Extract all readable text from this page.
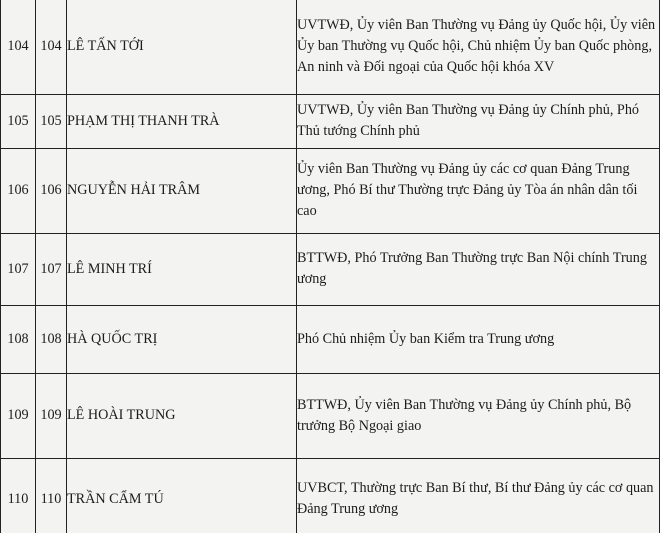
104	104	LÊ TẤN TỚI	UVTWĐ, Ủy viên Ban Thường vụ Đảng ủy Quốc hội, Ủy viên Ủy ban Thường vụ Quốc hội, Chủ nhiệm Ủy ban Quốc phòng, An ninh và Đối ngoại của Quốc hội khóa XV
105	105	PHẠM THỊ THANH TRÀ	UVTWĐ, Ủy viên Ban Thường vụ Đảng ủy Chính phủ, Phó Thủ tướng Chính phủ
106	106	NGUYỄN HẢI TRÂM	Ủy viên Ban Thường vụ Đảng ủy các cơ quan Đảng Trung ương, Phó Bí thư Thường trực Đảng ủy Tòa án nhân dân tối cao
107	107	LÊ MINH TRÍ	BTTWĐ, Phó Trưởng Ban Thường trực Ban Nội chính Trung ương
108	108	HÀ QUỐC TRỊ	Phó Chủ nhiệm Ủy ban Kiểm tra Trung ương
109	109	LÊ HOÀI TRUNG	BTTWĐ, Ủy viên Ban Thường vụ Đảng ủy Chính phủ, Bộ trưởng Bộ Ngoại giao
110	110	TRẦN CẨM TÚ	UVBCT, Thường trực Ban Bí thư, Bí thư Đảng ủy các cơ quan Đảng Trung ương
